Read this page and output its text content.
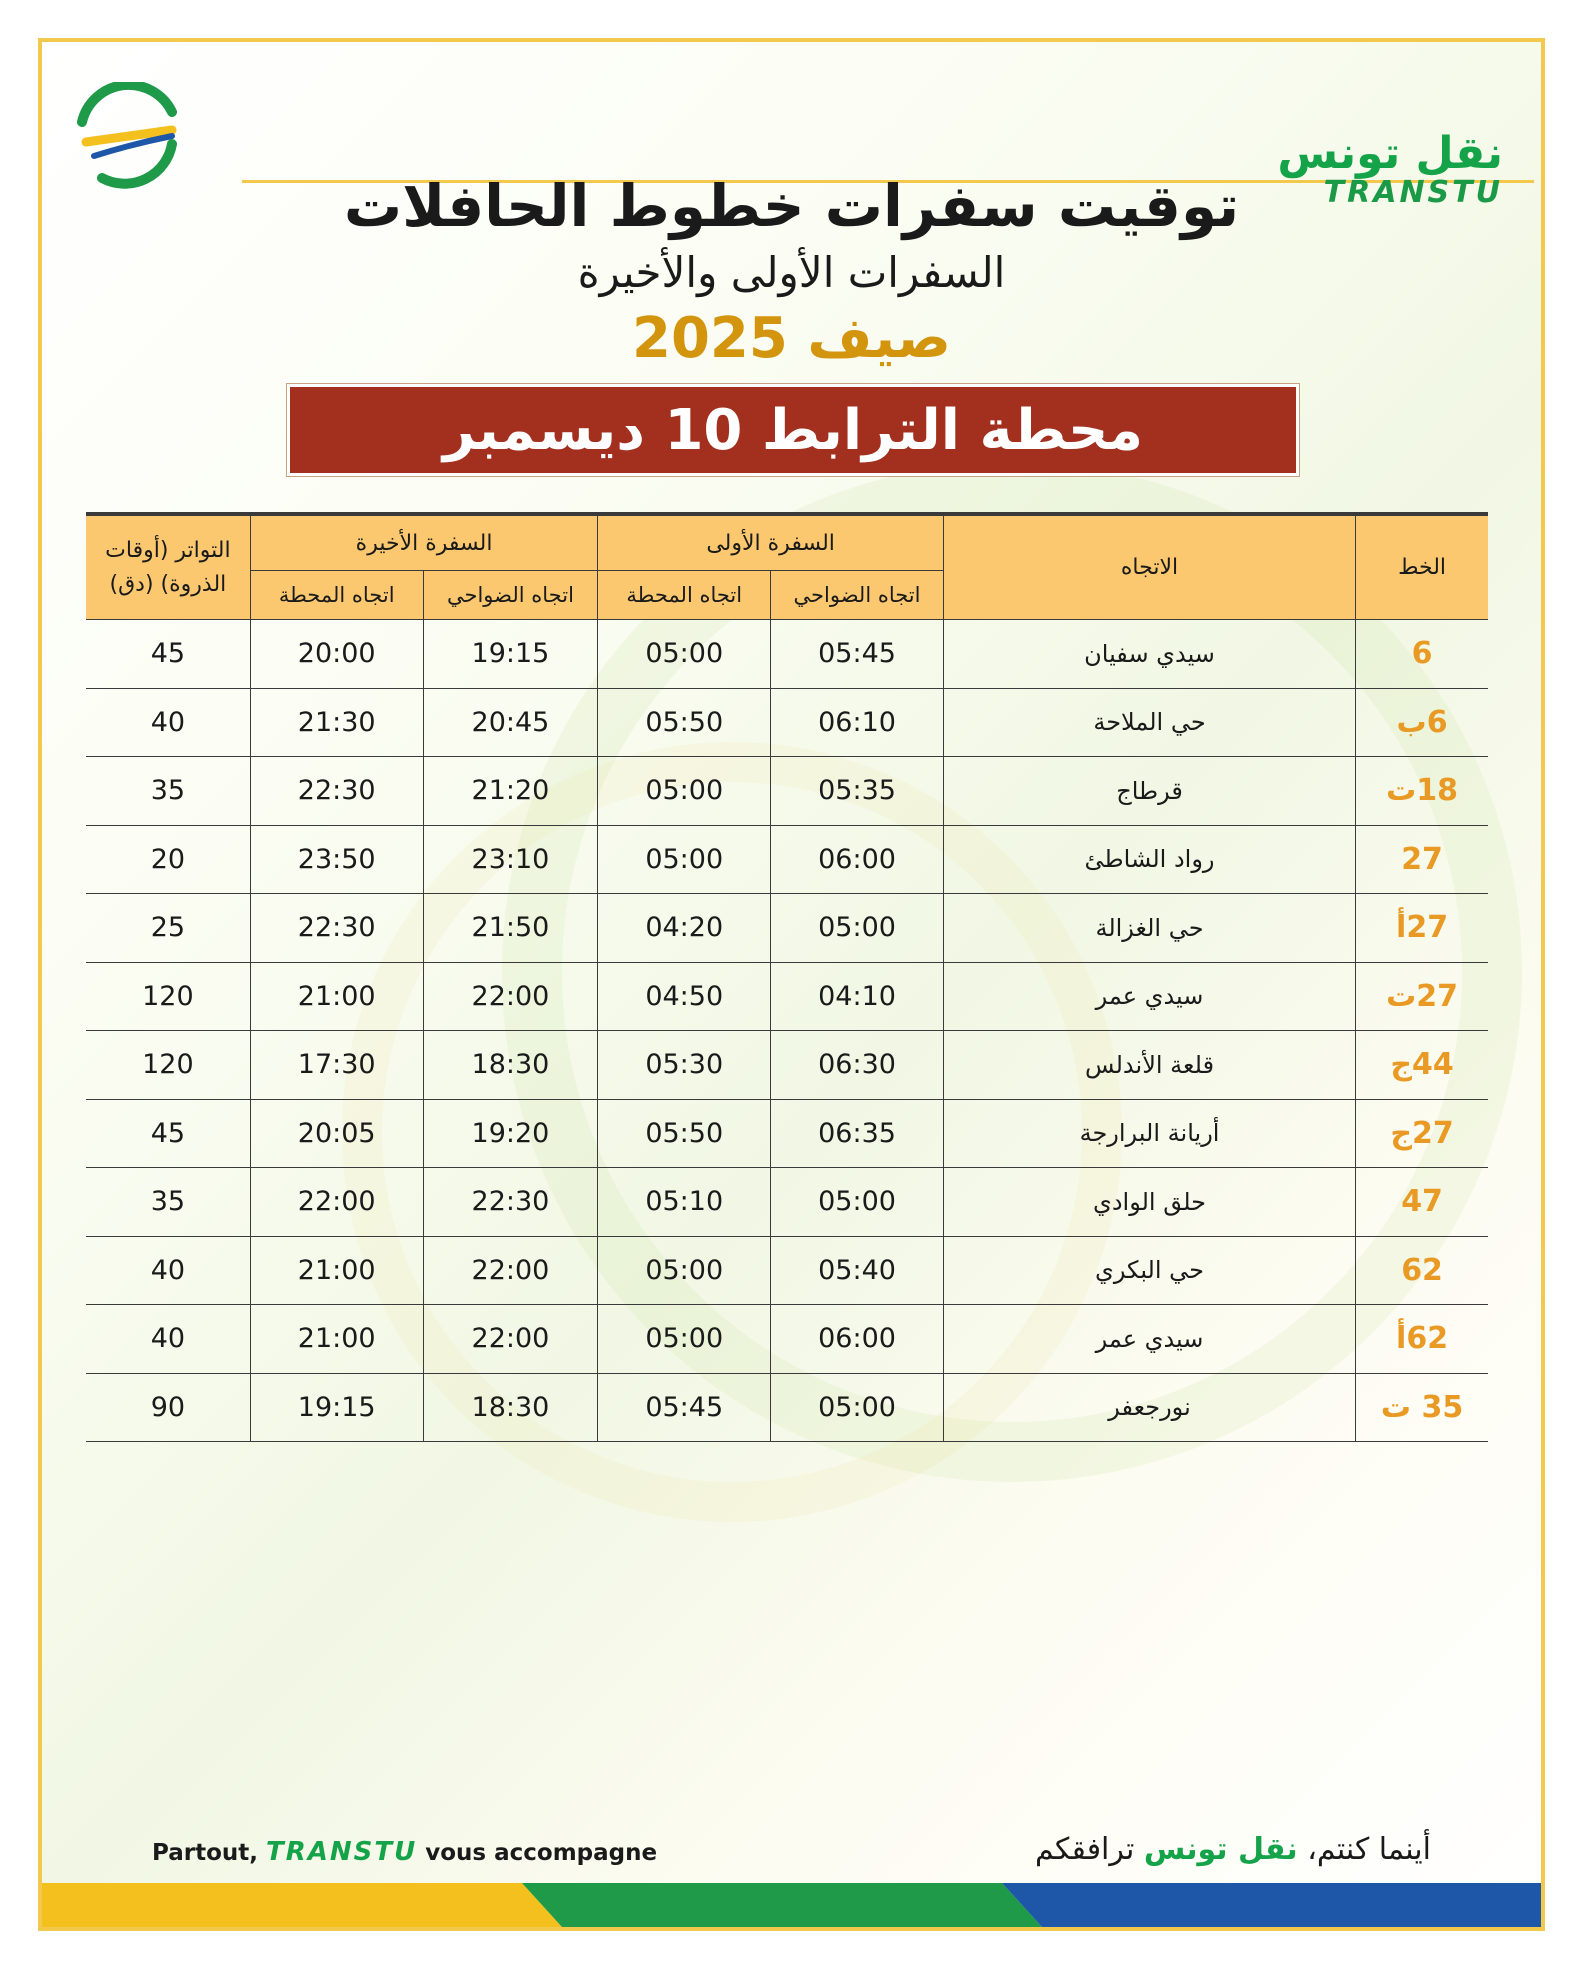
نقل تونس
TRANSTU
توقيت سفرات خطوط الحافلات
السفرات الأولى والأخيرة
صيف 2025
محطة الترابط 10 ديسمبر
الخط	الاتجاه	السفرة الأولى		السفرة الأخيرة		التواتر (أوقات الذروة) (دق)
		اتجاه الضواحي	اتجاه المحطة	اتجاه الضواحي	اتجاه المحطة	
6	سيدي سفيان	05:45	05:00	19:15	20:00	45
6ب	حي الملاحة	06:10	05:50	20:45	21:30	40
18ت	قرطاج	05:35	05:00	21:20	22:30	35
27	رواد الشاطئ	06:00	05:00	23:10	23:50	20
27أ	حي الغزالة	05:00	04:20	21:50	22:30	25
27ت	سيدي عمر	04:10	04:50	22:00	21:00	120
44ج	قلعة الأندلس	06:30	05:30	18:30	17:30	120
27ج	أريانة البرارجة	06:35	05:50	19:20	20:05	45
47	حلق الوادي	05:00	05:10	22:30	22:00	35
62	حي البكري	05:40	05:00	22:00	21:00	40
62أ	سيدي عمر	06:00	05:00	22:00	21:00	40
35 ت	نورجعفر	05:00	05:45	18:30	19:15	90
Partout, TRANSTU vous accompagne	أينما كنتم، نقل تونس ترافقكم
